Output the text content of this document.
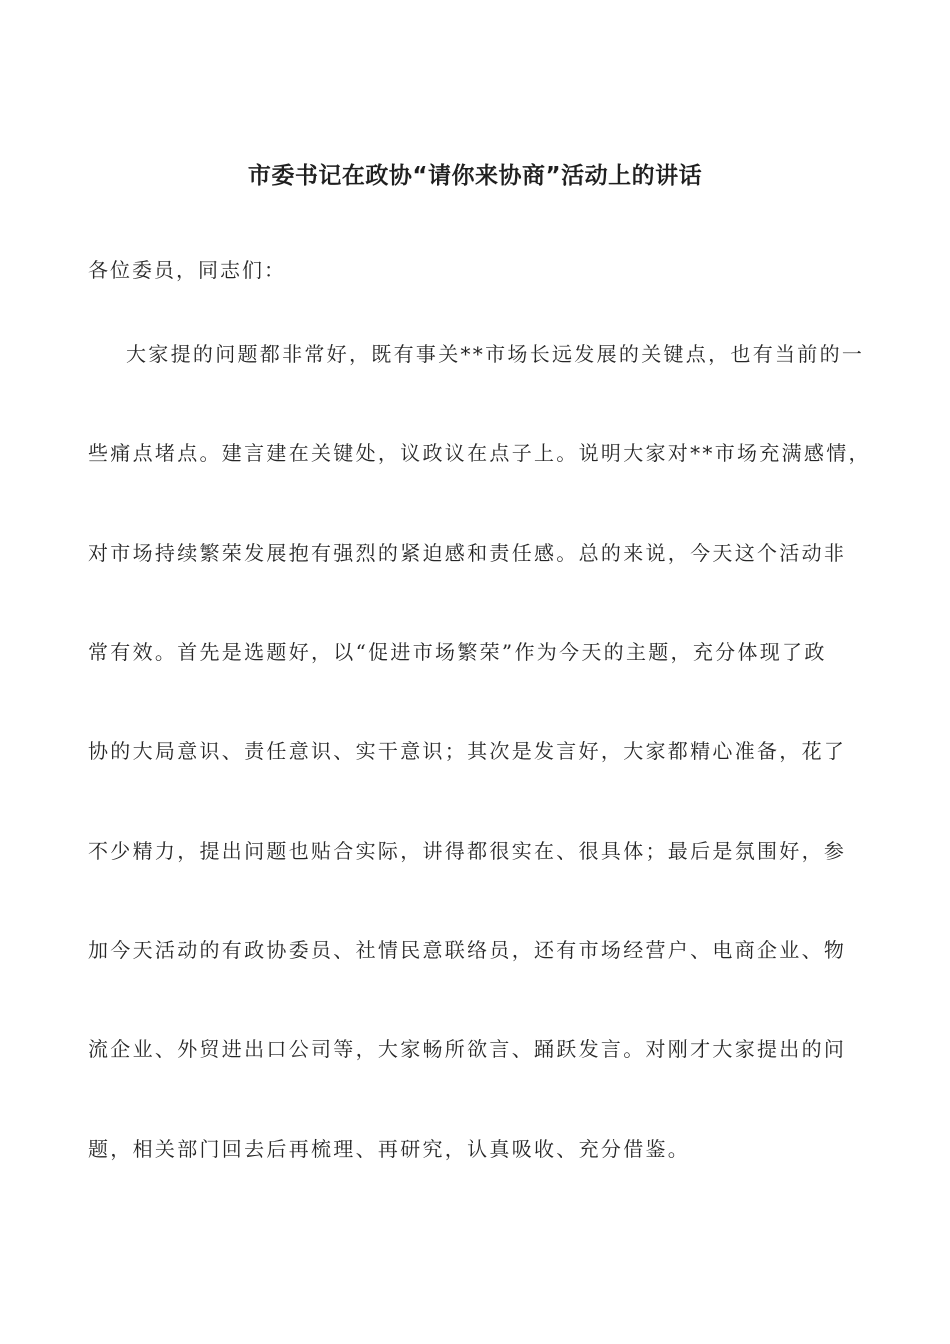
市委书记在政协“请你来协商”活动上的讲话
各位委员，同志们：
大家提的问题都非常好，既有事关**市场长远发展的关键点，也有当前的一
些痛点堵点。建言建在关键处，议政议在点子上。说明大家对**市场充满感情，
对市场持续繁荣发展抱有强烈的紧迫感和责任感。总的来说，今天这个活动非
常有效。首先是选题好，以“促进市场繁荣”作为今天的主题，充分体现了政
协的大局意识、责任意识、实干意识；其次是发言好，大家都精心准备，花了
不少精力，提出问题也贴合实际，讲得都很实在、很具体；最后是氛围好，参
加今天活动的有政协委员、社情民意联络员，还有市场经营户、电商企业、物
流企业、外贸进出口公司等，大家畅所欲言、踊跃发言。对刚才大家提出的问
题，相关部门回去后再梳理、再研究，认真吸收、充分借鉴。
